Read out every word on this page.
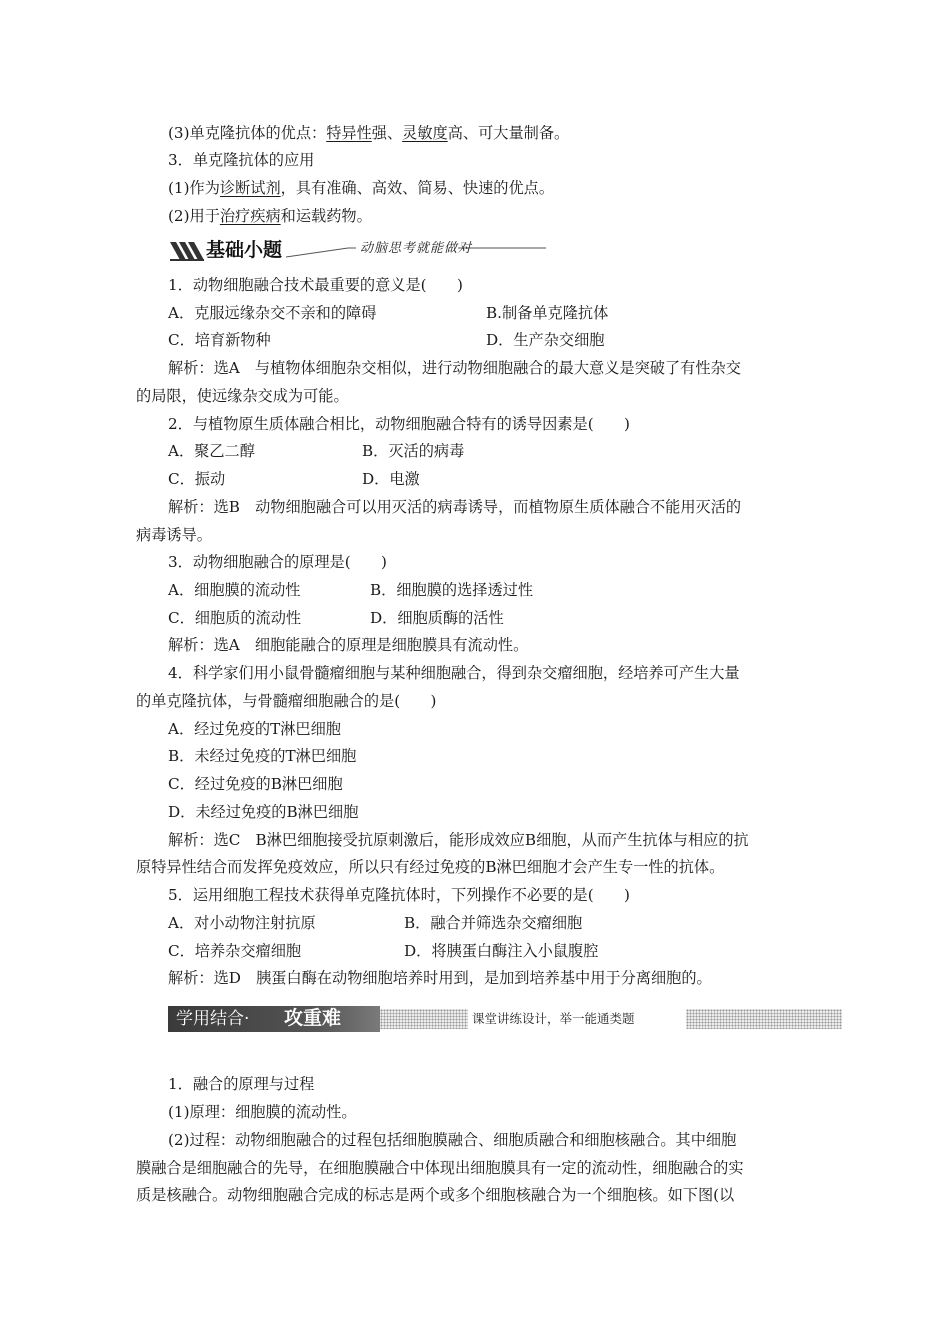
(3)单克隆抗体的优点：特异性强、灵敏度高、可大量制备。
3．单克隆抗体的应用
(1)作为诊断试剂，具有准确、高效、简易、快速的优点。
(2)用于治疗疾病和运载药物。
基础小题	动脑思考就能做对
1．动物细胞融合技术最重要的意义是(　　)
A．克服远缘杂交不亲和的障碍	B.制备单克隆抗体
C．培育新物种	D．生产杂交细胞
解析：选A　与植物体细胞杂交相似，进行动物细胞融合的最大意义是突破了有性杂交
的局限，使远缘杂交成为可能。
2．与植物原生质体融合相比，动物细胞融合特有的诱导因素是(　　)
A．聚乙二醇	B．灭活的病毒
C．振动	D．电激
解析：选B　动物细胞融合可以用灭活的病毒诱导，而植物原生质体融合不能用灭活的
病毒诱导。
3．动物细胞融合的原理是(　　)
A．细胞膜的流动性	B．细胞膜的选择透过性
C．细胞质的流动性	D．细胞质酶的活性
解析：选A　细胞能融合的原理是细胞膜具有流动性。
4．科学家们用小鼠骨髓瘤细胞与某种细胞融合，得到杂交瘤细胞，经培养可产生大量
的单克隆抗体，与骨髓瘤细胞融合的是(　　)
A．经过免疫的T淋巴细胞
B．未经过免疫的T淋巴细胞
C．经过免疫的B淋巴细胞
D．未经过免疫的B淋巴细胞
解析：选C　B淋巴细胞接受抗原刺激后，能形成效应B细胞，从而产生抗体与相应的抗
原特异性结合而发挥免疫效应，所以只有经过免疫的B淋巴细胞才会产生专一性的抗体。
5．运用细胞工程技术获得单克隆抗体时，下列操作不必要的是(　　)
A．对小动物注射抗原	B．融合并筛选杂交瘤细胞
C．培养杂交瘤细胞	D．将胰蛋白酶注入小鼠腹腔
解析：选D　胰蛋白酶在动物细胞培养时用到，是加到培养基中用于分离细胞的。
学用结合· 攻重难	课堂讲练设计，举一能通类题
1．融合的原理与过程
(1)原理：细胞膜的流动性。
(2)过程：动物细胞融合的过程包括细胞膜融合、细胞质融合和细胞核融合。其中细胞
膜融合是细胞融合的先导，在细胞膜融合中体现出细胞膜具有一定的流动性，细胞融合的实
质是核融合。动物细胞融合完成的标志是两个或多个细胞核融合为一个细胞核。如下图(以
